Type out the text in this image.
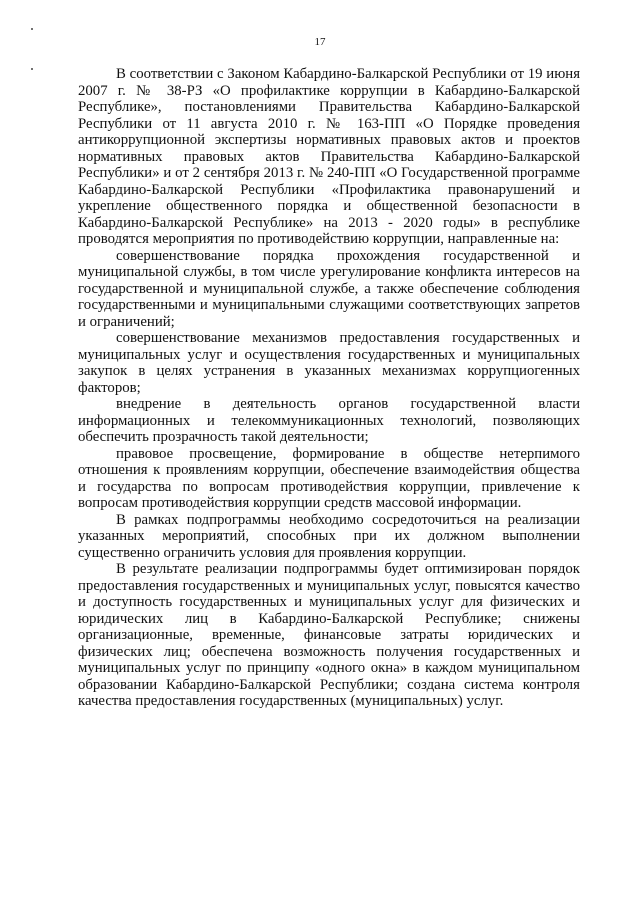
17

В соответствии с Законом Кабардино-Балкарской Республики от 19 июня 2007 г. № 38-РЗ «О профилактике коррупции в Кабардино-Балкарской Республике», постановлениями Правительства Кабардино-Балкарской Республики от 11 августа 2010 г. № 163-ПП «О Порядке проведения антикоррупционной экспертизы нормативных правовых актов и проектов нормативных правовых актов Правительства Кабардино-Балкарской Республики» и от 2 сентября 2013 г. № 240-ПП «О Государственной программе Кабардино-Балкарской Республики «Профилактика правонарушений и укрепление общественного порядка и общественной безопасности в Кабардино-Балкарской Республике» на 2013 - 2020 годы» в республике проводятся мероприятия по противодействию коррупции, направленные на:

совершенствование порядка прохождения государственной и муниципальной службы, в том числе урегулирование конфликта интересов на государственной и муниципальной службе, а также обеспечение соблюдения государственными и муниципальными служащими соответствующих запретов и ограничений;

совершенствование механизмов предоставления государственных и муниципальных услуг и осуществления государственных и муниципальных закупок в целях устранения в указанных механизмах коррупциогенных факторов;

внедрение в деятельность органов государственной власти информационных и телекоммуникационных технологий, позволяющих обеспечить прозрачность такой деятельности;

правовое просвещение, формирование в обществе нетерпимого отношения к проявлениям коррупции, обеспечение взаимодействия общества и государства по вопросам противодействия коррупции, привлечение к вопросам противодействия коррупции средств массовой информации.

В рамках подпрограммы необходимо сосредоточиться на реализации указанных мероприятий, способных при их должном выполнении существенно ограничить условия для проявления коррупции.

В результате реализации подпрограммы будет оптимизирован порядок предоставления государственных и муниципальных услуг, повысятся качество и доступность государственных и муниципальных услуг для физических и юридических лиц в Кабардино-Балкарской Республике; снижены организационные, временные, финансовые затраты юридических и физических лиц; обеспечена возможность получения государственных и муниципальных услуг по принципу «одного окна» в каждом муниципальном образовании Кабардино-Балкарской Республики; создана система контроля качества предоставления государственных (муниципальных) услуг.
